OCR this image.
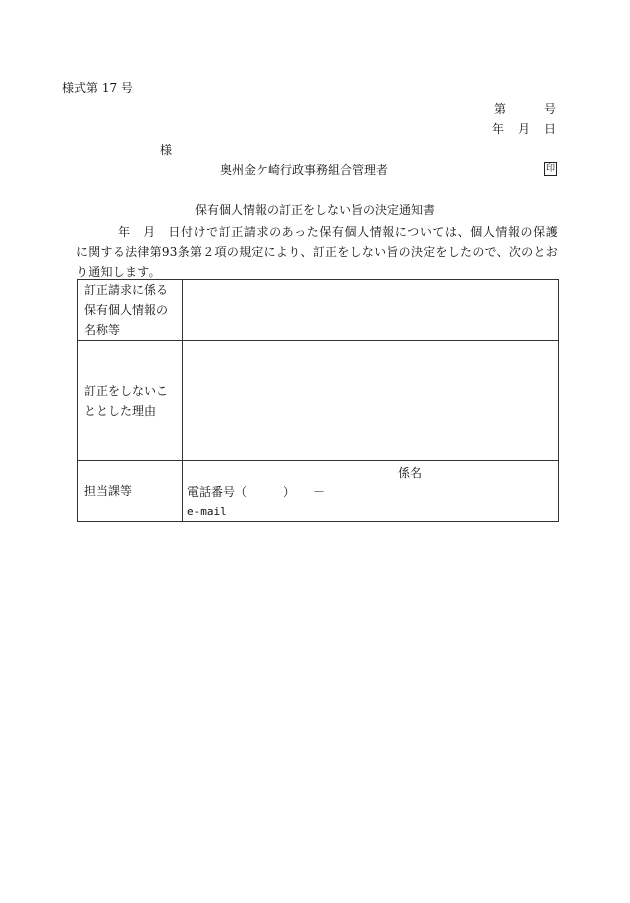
様式第 17 号
第	号
年 月 日
様
奥州金ケ崎行政事務組合管理者	印
保有個人情報の訂正をしない旨の決定通知書
年　月　日付けで訂正請求のあった保有個人情報については、個人情報の保護に関する法律第93条第２項の規定により、訂正をしない旨の決定をしたので、次のとおり通知します。
訂正請求に係る保有個人情報の名称等	
訂正をしないこととした理由	
担当課等	係名
電話番号（　　　）　　－
e-mail
